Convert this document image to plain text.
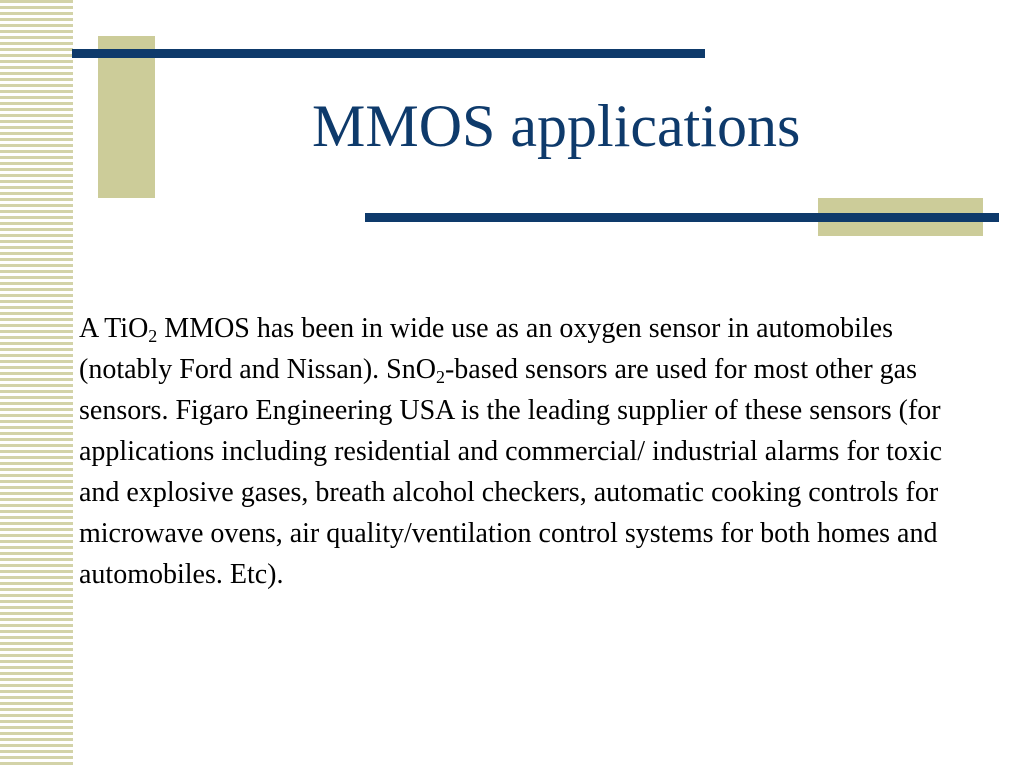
MMOS applications

A TiO$_2$ MMOS has been in wide use as an oxygen sensor in automobiles (notably Ford and Nissan). SnO$_2$-based sensors are used for most other gas sensors. Figaro Engineering USA is the leading supplier of these sensors (for applications including residential and commercial/ industrial alarms for toxic and explosive gases, breath alcohol checkers, automatic cooking controls for microwave ovens, air quality/ventilation control systems for both homes and automobiles. Etc).
